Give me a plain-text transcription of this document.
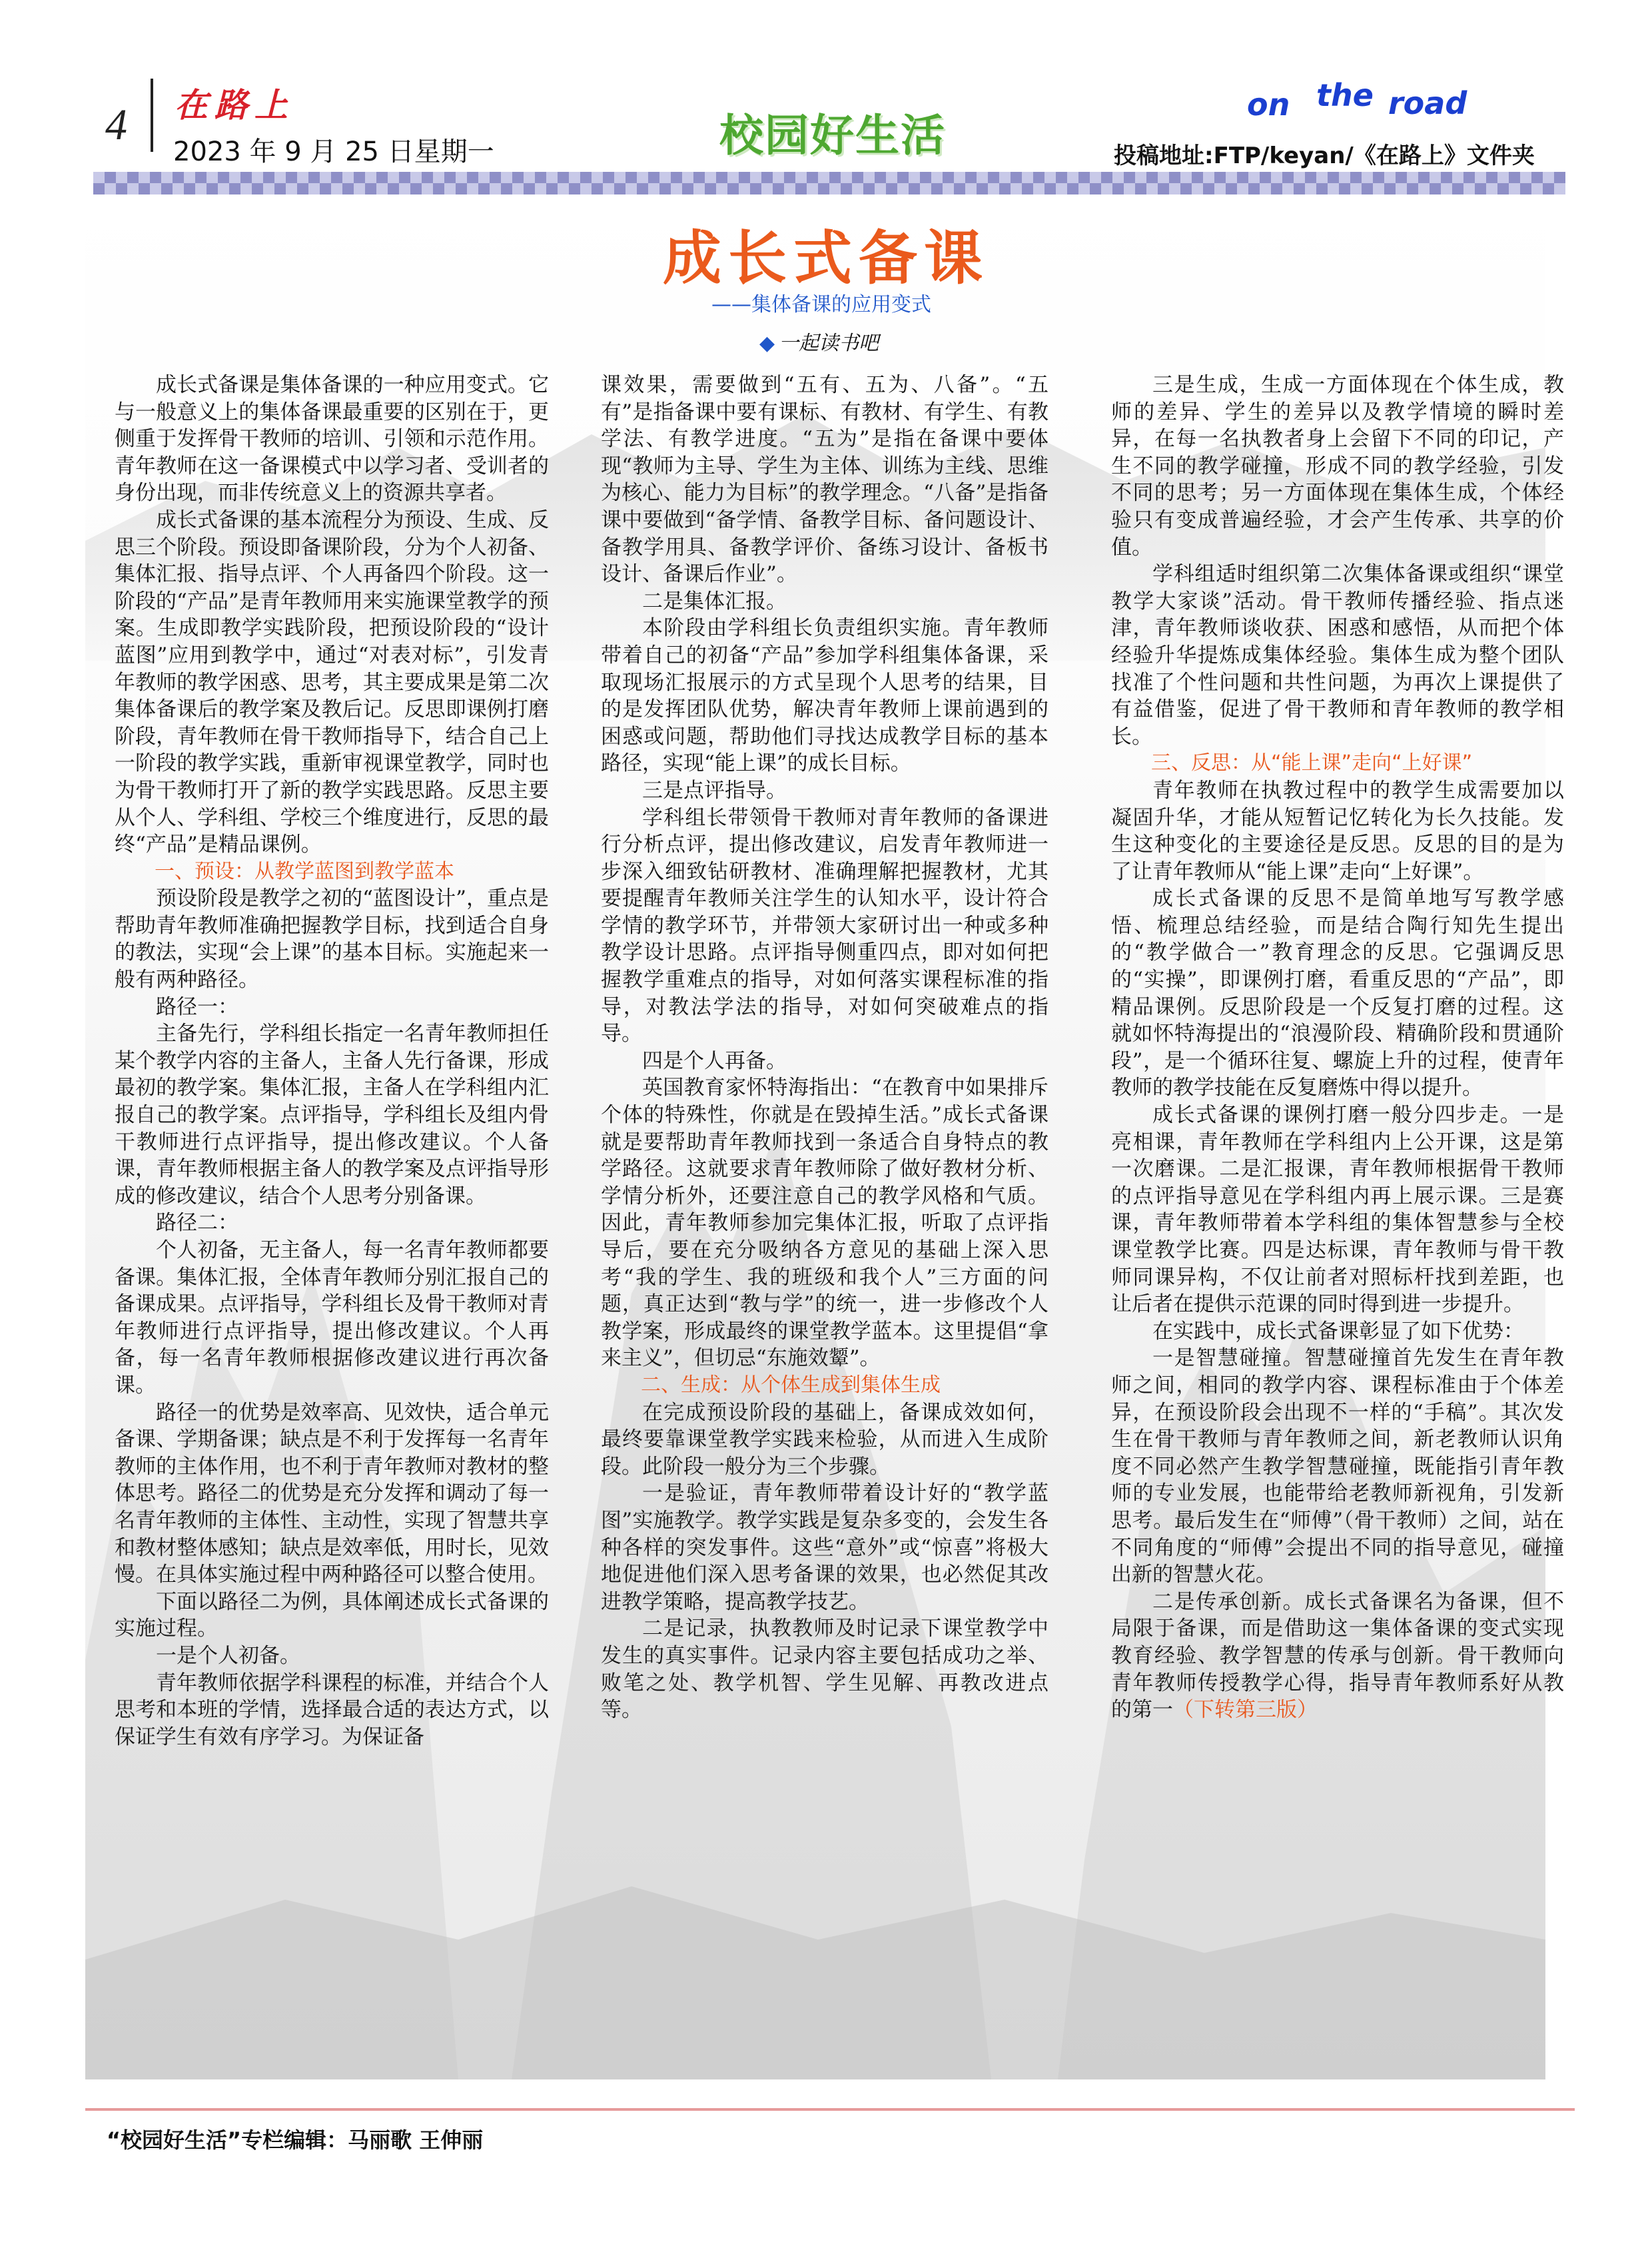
4 在路上
2023 年 9 月 25 日星期一	校园好生活
on the road
投稿地址:FTP/keyan/《在路上》文件夹
成长式备课
——集体备课的应用变式
◆ 一起读书吧

成长式备课是集体备课的一种应用变式。它与一般意义上的集体备课最重要的区别在于，更侧重于发挥骨干教师的培训、引领和示范作用。青年教师在这一备课模式中以学习者、受训者的身份出现，而非传统意义上的资源共享者。

成长式备课的基本流程分为预设、生成、反思三个阶段。预设即备课阶段，分为个人初备、集体汇报、指导点评、个人再备四个阶段。这一阶段的“产品”是青年教师用来实施课堂教学的预案。生成即教学实践阶段，把预设阶段的“设计蓝图”应用到教学中，通过“对表对标”，引发青年教师的教学困惑、思考，其主要成果是第二次集体备课后的教学案及教后记。反思即课例打磨阶段，青年教师在骨干教师指导下，结合自己上一阶段的教学实践，重新审视课堂教学，同时也为骨干教师打开了新的教学实践思路。反思主要从个人、学科组、学校三个维度进行，反思的最终“产品”是精品课例。

一、预设：从教学蓝图到教学蓝本

预设阶段是教学之初的“蓝图设计”，重点是帮助青年教师准确把握教学目标，找到适合自身的教法，实现“会上课”的基本目标。实施起来一般有两种路径。

路径一：

主备先行，学科组长指定一名青年教师担任某个教学内容的主备人，主备人先行备课，形成最初的教学案。集体汇报，主备人在学科组内汇报自己的教学案。点评指导，学科组长及组内骨干教师进行点评指导，提出修改建议。个人备课，青年教师根据主备人的教学案及点评指导形成的修改建议，结合个人思考分别备课。

路径二：

个人初备，无主备人，每一名青年教师都要备课。集体汇报，全体青年教师分别汇报自己的备课成果。点评指导，学科组长及骨干教师对青年教师进行点评指导，提出修改建议。个人再备，每一名青年教师根据修改建议进行再次备课。

路径一的优势是效率高、见效快，适合单元备课、学期备课；缺点是不利于发挥每一名青年教师的主体作用，也不利于青年教师对教材的整体思考。路径二的优势是充分发挥和调动了每一名青年教师的主体性、主动性，实现了智慧共享和教材整体感知；缺点是效率低，用时长，见效慢。在具体实施过程中两种路径可以整合使用。

下面以路径二为例，具体阐述成长式备课的实施过程。

一是个人初备。

青年教师依据学科课程的标准，并结合个人思考和本班的学情，选择最合适的表达方式，以保证学生有效有序学习。为保证备

课效果，需要做到“五有、五为、八备”。“五有”是指备课中要有课标、有教材、有学生、有教学法、有教学进度。“五为”是指在备课中要体现“教师为主导、学生为主体、训练为主线、思维为核心、能力为目标”的教学理念。“八备”是指备课中要做到“备学情、备教学目标、备问题设计、备教学用具、备教学评价、备练习设计、备板书设计、备课后作业”。

二是集体汇报。

本阶段由学科组长负责组织实施。青年教师带着自己的初备“产品”参加学科组集体备课，采取现场汇报展示的方式呈现个人思考的结果，目的是发挥团队优势，解决青年教师上课前遇到的困惑或问题，帮助他们寻找达成教学目标的基本路径，实现“能上课”的成长目标。

三是点评指导。

学科组长带领骨干教师对青年教师的备课进行分析点评，提出修改建议，启发青年教师进一步深入细致钻研教材、准确理解把握教材，尤其要提醒青年教师关注学生的认知水平，设计符合学情的教学环节，并带领大家研讨出一种或多种教学设计思路。点评指导侧重四点，即对如何把握教学重难点的指导，对如何落实课程标准的指导，对教法学法的指导，对如何突破难点的指导。

四是个人再备。

英国教育家怀特海指出：“在教育中如果排斥个体的特殊性，你就是在毁掉生活。”成长式备课就是要帮助青年教师找到一条适合自身特点的教学路径。这就要求青年教师除了做好教材分析、学情分析外，还要注意自己的教学风格和气质。因此，青年教师参加完集体汇报，听取了点评指导后，要在充分吸纳各方意见的基础上深入思考“我的学生、我的班级和我个人”三方面的问题，真正达到“教与学”的统一，进一步修改个人教学案，形成最终的课堂教学蓝本。这里提倡“拿来主义”，但切忌“东施效颦”。

二、生成：从个体生成到集体生成

在完成预设阶段的基础上，备课成效如何，最终要靠课堂教学实践来检验，从而进入生成阶段。此阶段一般分为三个步骤。

一是验证，青年教师带着设计好的“教学蓝图”实施教学。教学实践是复杂多变的，会发生各种各样的突发事件。这些“意外”或“惊喜”将极大地促进他们深入思考备课的效果，也必然促其改进教学策略，提高教学技艺。

二是记录，执教教师及时记录下课堂教学中发生的真实事件。记录内容主要包括成功之举、败笔之处、教学机智、学生见解、再教改进点等。

三是生成，生成一方面体现在个体生成，教师的差异、学生的差异以及教学情境的瞬时差异，在每一名执教者身上会留下不同的印记，产生不同的教学碰撞，形成不同的教学经验，引发不同的思考；另一方面体现在集体生成，个体经验只有变成普遍经验，才会产生传承、共享的价值。

学科组适时组织第二次集体备课或组织“课堂教学大家谈”活动。骨干教师传播经验、指点迷津，青年教师谈收获、困惑和感悟，从而把个体经验升华提炼成集体经验。集体生成为整个团队找准了个性问题和共性问题，为再次上课提供了有益借鉴，促进了骨干教师和青年教师的教学相长。

三、反思：从“能上课”走向“上好课”

青年教师在执教过程中的教学生成需要加以凝固升华，才能从短暂记忆转化为长久技能。发生这种变化的主要途径是反思。反思的目的是为了让青年教师从“能上课”走向“上好课”。

成长式备课的反思不是简单地写写教学感悟、梳理总结经验，而是结合陶行知先生提出的“教学做合一”教育理念的反思。它强调反思的“实操”，即课例打磨，看重反思的“产品”，即精品课例。反思阶段是一个反复打磨的过程。这就如怀特海提出的“浪漫阶段、精确阶段和贯通阶段”，是一个循环往复、螺旋上升的过程，使青年教师的教学技能在反复磨炼中得以提升。

成长式备课的课例打磨一般分四步走。一是亮相课，青年教师在学科组内上公开课，这是第一次磨课。二是汇报课，青年教师根据骨干教师的点评指导意见在学科组内再上展示课。三是赛课，青年教师带着本学科组的集体智慧参与全校课堂教学比赛。四是达标课，青年教师与骨干教师同课异构，不仅让前者对照标杆找到差距，也让后者在提供示范课的同时得到进一步提升。

在实践中，成长式备课彰显了如下优势：

一是智慧碰撞。智慧碰撞首先发生在青年教师之间，相同的教学内容、课程标准由于个体差异，在预设阶段会出现不一样的“手稿”。其次发生在骨干教师与青年教师之间，新老教师认识角度不同必然产生教学智慧碰撞，既能指引青年教师的专业发展，也能带给老教师新视角，引发新思考。最后发生在“师傅”（骨干教师）之间，站在不同角度的“师傅”会提出不同的指导意见，碰撞出新的智慧火花。

二是传承创新。成长式备课名为备课，但不局限于备课，而是借助这一集体备课的变式实现教育经验、教学智慧的传承与创新。骨干教师向青年教师传授教学心得，指导青年教师系好从教的第一（下转第三版）

“校园好生活”专栏编辑：马丽歌 王伸丽
